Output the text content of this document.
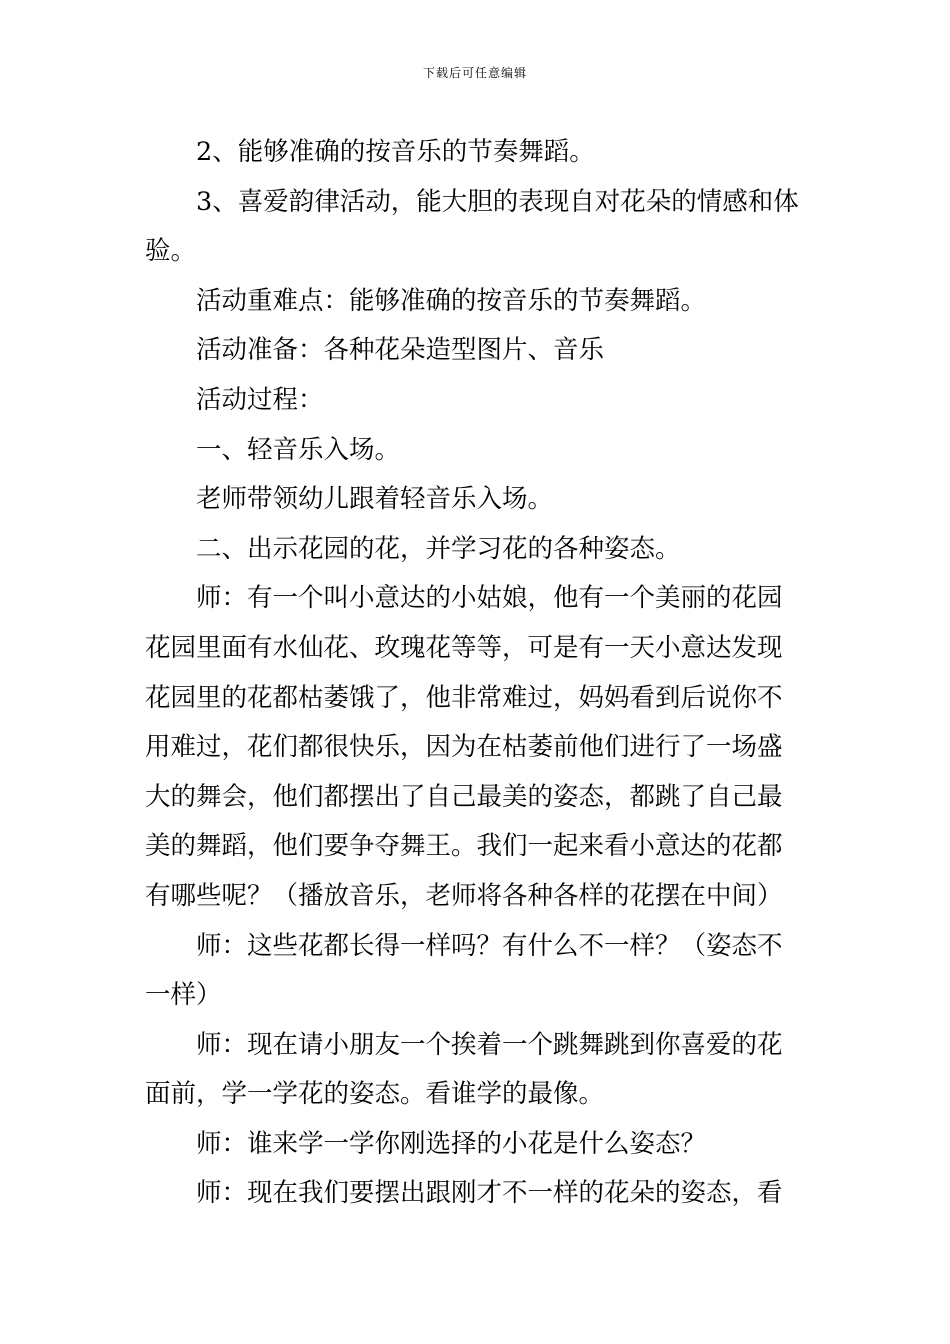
下载后可任意编辑
2、能够准确的按音乐的节奏舞蹈。
3、喜爱韵律活动，能大胆的表现自对花朵的情感和体
验。
活动重难点：能够准确的按音乐的节奏舞蹈。
活动准备：各种花朵造型图片、音乐
活动过程：
一、轻音乐入场。
老师带领幼儿跟着轻音乐入场。
二、出示花园的花，并学习花的各种姿态。
师：有一个叫小意达的小姑娘，他有一个美丽的花园
花园里面有水仙花、玫瑰花等等，可是有一天小意达发现
花园里的花都枯萎饿了，他非常难过，妈妈看到后说你不
用难过，花们都很快乐，因为在枯萎前他们进行了一场盛
大的舞会，他们都摆出了自己最美的姿态，都跳了自己最
美的舞蹈，他们要争夺舞王。我们一起来看小意达的花都
有哪些呢？（播放音乐，老师将各种各样的花摆在中间）
师：这些花都长得一样吗？有什么不一样？（姿态不
一样）
师：现在请小朋友一个挨着一个跳舞跳到你喜爱的花
面前，学一学花的姿态。看谁学的最像。
师：谁来学一学你刚选择的小花是什么姿态？
师：现在我们要摆出跟刚才不一样的花朵的姿态，看
